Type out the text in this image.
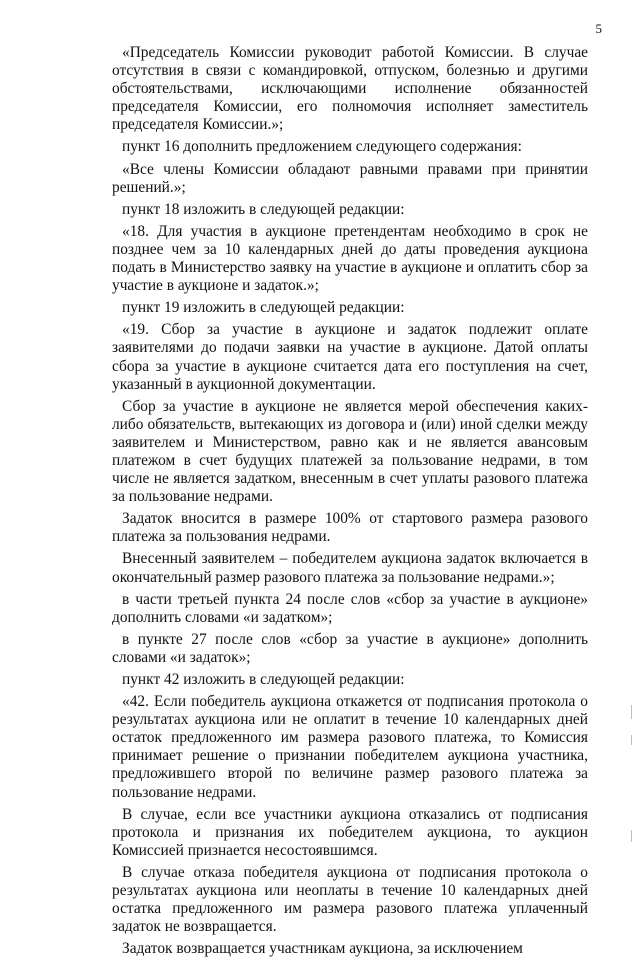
5

«Председатель Комиссии руководит работой Комиссии. В случае отсутствия в связи с командировкой, отпуском, болезнью и другими обстоятельствами, исключающими исполнение обязанностей председателя Комиссии, его полномочия исполняет заместитель председателя Комиссии.»;

пункт 16 дополнить предложением следующего содержания:

«Все члены Комиссии обладают равными правами при принятии решений.»;

пункт 18 изложить в следующей редакции:

«18. Для участия в аукционе претендентам необходимо в срок не позднее чем за 10 календарных дней до даты проведения аукциона подать в Министерство заявку на участие в аукционе и оплатить сбор за участие в аукционе и задаток.»;

пункт 19 изложить в следующей редакции:

«19. Сбор за участие в аукционе и задаток подлежит оплате заявителями до подачи заявки на участие в аукционе. Датой оплаты сбора за участие в аукционе считается дата его поступления на счет, указанный в аукционной документации.

Сбор за участие в аукционе не является мерой обеспечения каких-либо обязательств, вытекающих из договора и (или) иной сделки между заявителем и Министерством, равно как и не является авансовым платежом в счет будущих платежей за пользование недрами, в том числе не является задатком, внесенным в счет уплаты разового платежа за пользование недрами.

Задаток вносится в размере 100% от стартового размера разового платежа за пользования недрами.

Внесенный заявителем – победителем аукциона задаток включается в окончательный размер разового платежа за пользование недрами.»;

в части третьей пункта 24 после слов «сбор за участие в аукционе» дополнить словами «и задатком»;

в пункте 27 после слов «сбор за участие в аукционе» дополнить словами «и задаток»;

пункт 42 изложить в следующей редакции:

«42. Если победитель аукциона откажется от подписания протокола о результатах аукциона или не оплатит в течение 10 календарных дней остаток предложенного им размера разового платежа, то Комиссия принимает решение о признании победителем аукциона участника, предложившего второй по величине размер разового платежа за пользование недрами.

В случае, если все участники аукциона отказались от подписания протокола и признания их победителем аукциона, то аукцион Комиссией признается несостоявшимся.

В случае отказа победителя аукциона от подписания протокола о результатах аукциона или неоплаты в течение 10 календарных дней остатка предложенного им размера разового платежа уплаченный задаток не возвращается.

Задаток возвращается участникам аукциона, за исключением
